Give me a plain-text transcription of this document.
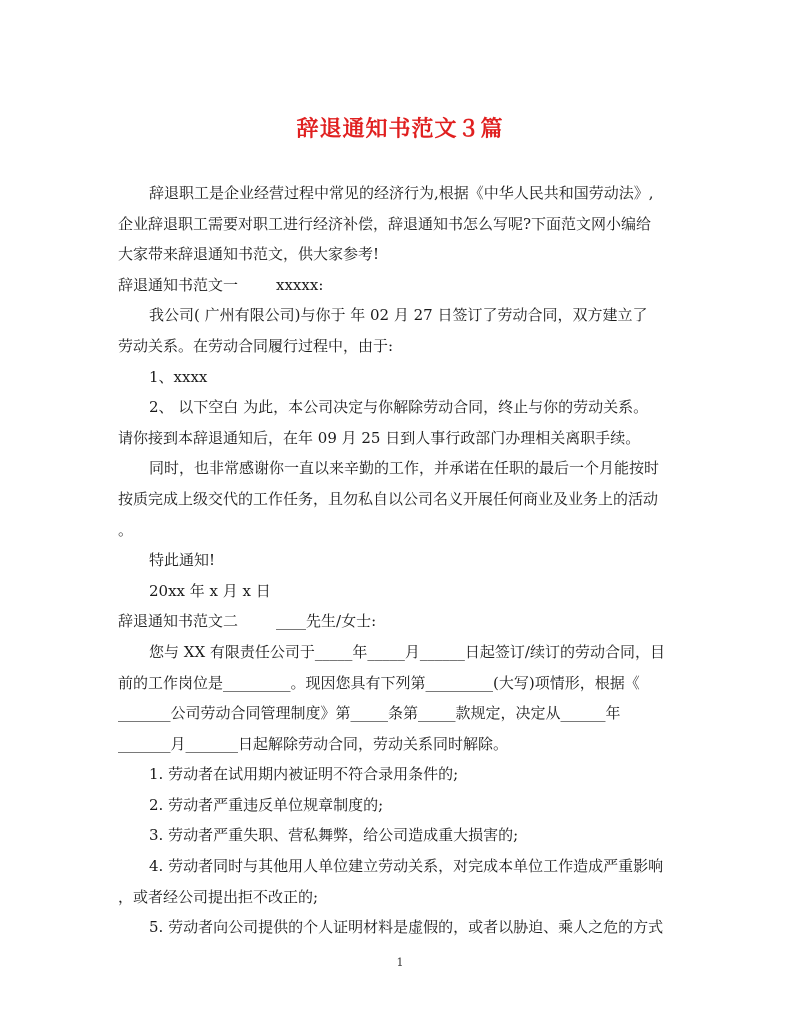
辞退通知书范文３篇
辞退职工是企业经营过程中常见的经济行为,根据《中华人民共和国劳动法》,
企业辞退职工需要对职工进行经济补偿，辞退通知书怎么写呢?下面范文网小编给
大家带来辞退通知书范文，供大家参考!
辞退通知书范文一	xxxxx:
我公司( 广州有限公司)与你于 年 02 月 27 日签订了劳动合同，双方建立了
劳动关系。在劳动合同履行过程中，由于:
1、xxxx
2、 以下空白 为此，本公司决定与你解除劳动合同，终止与你的劳动关系。
请你接到本辞退通知后，在年 09 月 25 日到人事行政部门办理相关离职手续。
同时，也非常感谢你一直以来辛勤的工作，并承诺在任职的最后一个月能按时
按质完成上级交代的工作任务，且勿私自以公司名义开展任何商业及业务上的活动
。
特此通知!
20xx 年 x 月 x 日
辞退通知书范文二	____先生/女士:
您与 XX 有限责任公司于_____年_____月______日起签订/续订的劳动合同，目
前的工作岗位是_________。现因您具有下列第_________(大写)项情形，根据《
_______公司劳动合同管理制度》第_____条第_____款规定，决定从______年
_______月_______日起解除劳动合同，劳动关系同时解除。
1. 劳动者在试用期内被证明不符合录用条件的;
2. 劳动者严重违反单位规章制度的;
3. 劳动者严重失职、营私舞弊，给公司造成重大损害的;
4. 劳动者同时与其他用人单位建立劳动关系，对完成本单位工作造成严重影响
，或者经公司提出拒不改正的;
5. 劳动者向公司提供的个人证明材料是虚假的，或者以胁迫、乘人之危的方式
1
